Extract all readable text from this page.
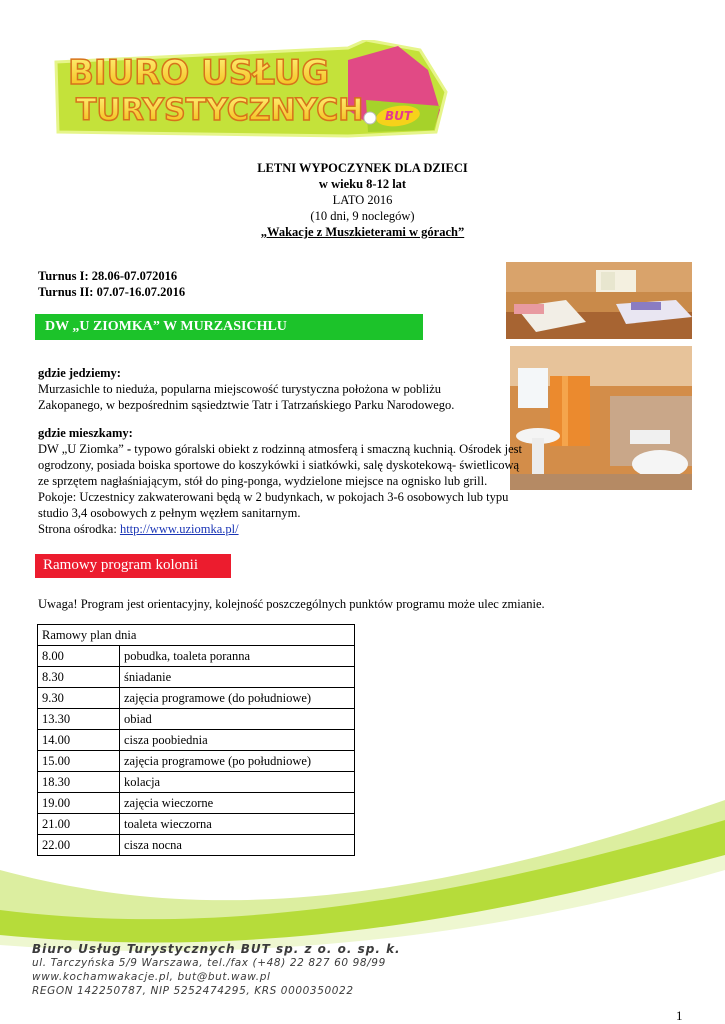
BUT
BIURO USŁUG
TURYSTYCZNYCH
LETNI WYPOCZYNEK DLA DZIECI
w wieku 8-12 lat
LATO 2016
(10 dni, 9 noclegów)
„Wakacje z Muszkieterami w górach”
Turnus I: 28.06-07.072016
Turnus II: 07.07-16.07.2016
DW „U ZIOMKA” W MURZASICHLU
gdzie jedziemy:
Murzasichle to nieduża, popularna miejscowość turystyczna położona w pobliżu Zakopanego, w bezpośrednim sąsiedztwie Tatr i Tatrzańskiego Parku Narodowego.
gdzie mieszkamy:
DW „U Ziomka” - typowo góralski obiekt z rodzinną atmosferą i smaczną kuchnią. Ośrodek jest ogrodzony, posiada boiska sportowe do koszykówki i siatkówki, salę dyskotekową- świetlicową ze sprzętem nagłaśniającym, stół do ping-ponga, wydzielone miejsce na ognisko lub grill. Pokoje: Uczestnicy zakwaterowani będą w 2 budynkach, w pokojach 3-6 osobowych lub typu studio 3,4 osobowych z pełnym węzłem sanitarnym.
Strona ośrodka: http://www.uziomka.pl/
Ramowy program kolonii
Uwaga! Program jest orientacyjny, kolejność poszczególnych punktów programu może ulec zmianie.
Ramowy plan dnia	
8.00	pobudka, toaleta poranna
8.30	śniadanie
9.30	zajęcia programowe (do południowe)
13.30	obiad
14.00	cisza poobiednia
15.00	zajęcia programowe (po południowe)
18.30	kolacja
19.00	zajęcia wieczorne
21.00	toaleta wieczorna
22.00	cisza nocna
Biuro Usług Turystycznych BUT sp. z o. o. sp. k.
ul. Tarczyńska 5/9 Warszawa, tel./fax (+48) 22 827 60 98/99
www.kochamwakacje.pl, but@but.waw.pl
REGON 142250787, NIP 5252474295, KRS 0000350022
1
